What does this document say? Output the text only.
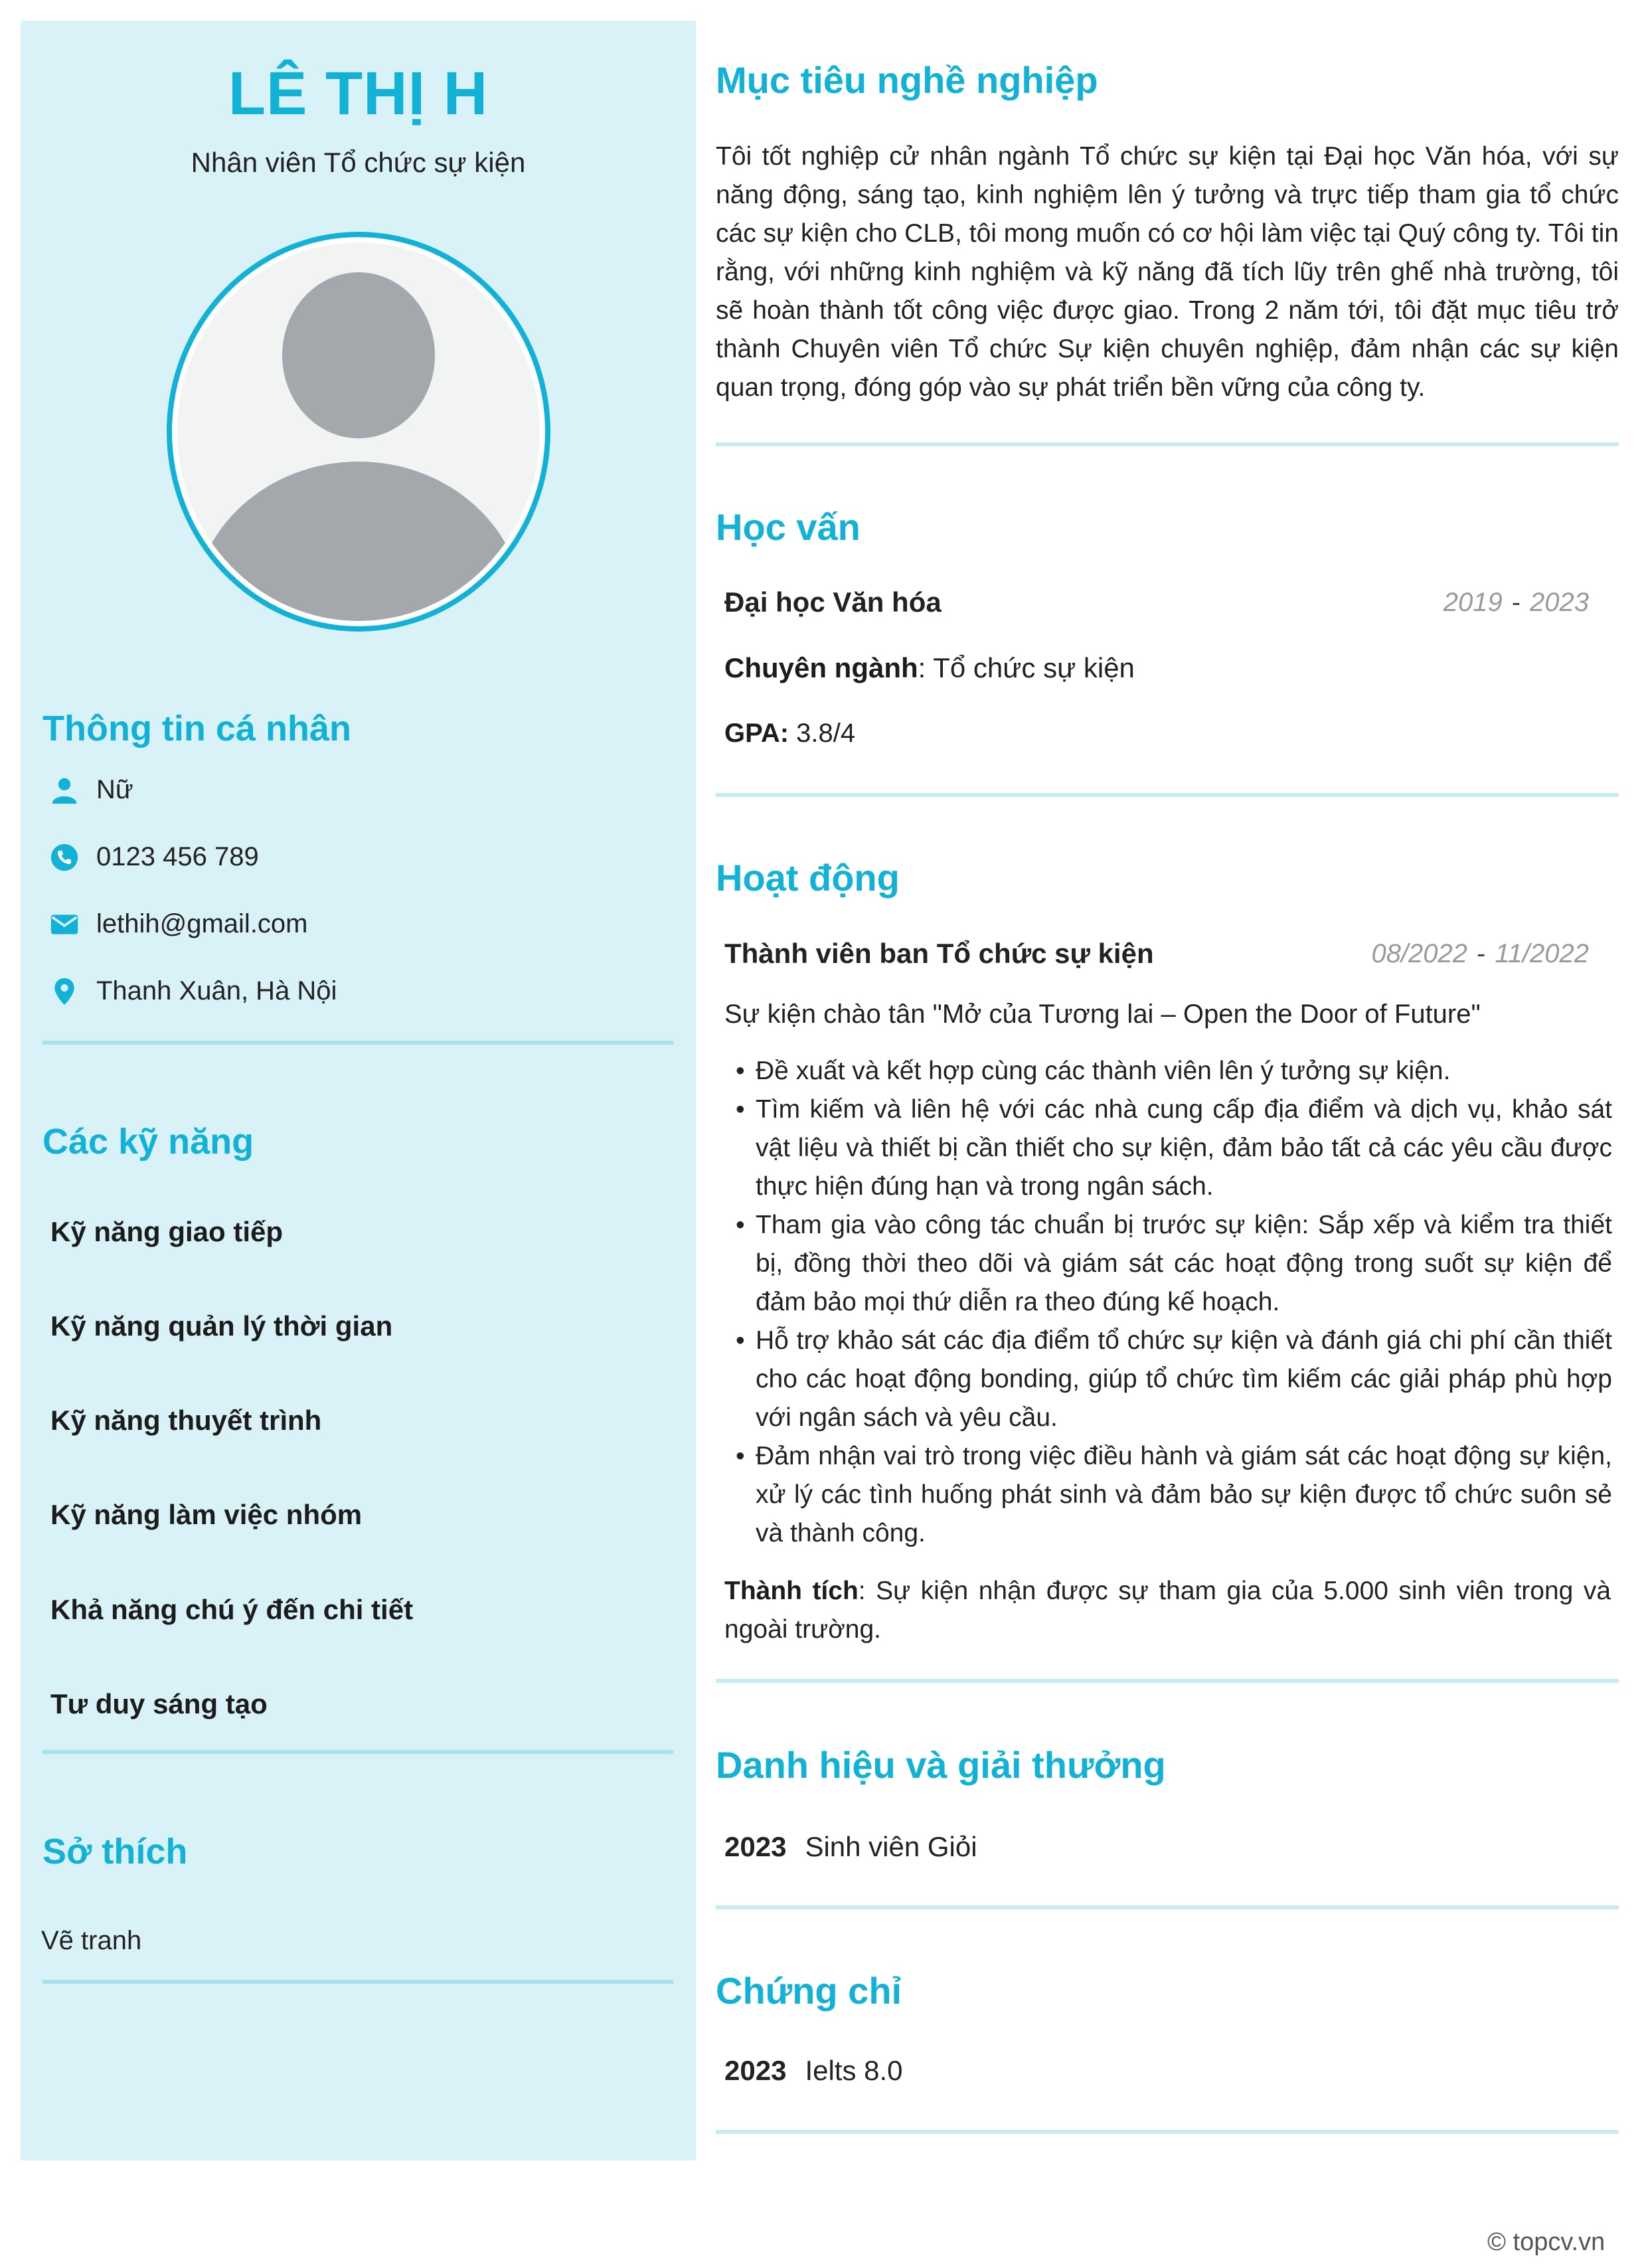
LÊ THỊ H
Nhân viên Tổ chức sự kiện
Thông tin cá nhân
Nữ
0123 456 789
lethih@gmail.com
Thanh Xuân, Hà Nội
Các kỹ năng
Kỹ năng giao tiếp
Kỹ năng quản lý thời gian
Kỹ năng thuyết trình
Kỹ năng làm việc nhóm
Khả năng chú ý đến chi tiết
Tư duy sáng tạo
Sở thích
Vẽ tranh
Mục tiêu nghề nghiệp
Tôi tốt nghiệp cử nhân ngành Tổ chức sự kiện tại Đại học Văn hóa, với sự năng động, sáng tạo, kinh nghiệm lên ý tưởng và trực tiếp tham gia tổ chức các sự kiện cho CLB, tôi mong muốn có cơ hội làm việc tại Quý công ty. Tôi tin rằng, với những kinh nghiệm và kỹ năng đã tích lũy trên ghế nhà trường, tôi sẽ hoàn thành tốt công việc được giao. Trong 2 năm tới, tôi đặt mục tiêu trở thành Chuyên viên Tổ chức Sự kiện chuyên nghiệp, đảm nhận các sự kiện quan trọng, đóng góp vào sự phát triển bền vững của công ty.
Học vấn
Đại học Văn hóa	2019 - 2023
Chuyên ngành: Tổ chức sự kiện
GPA: 3.8/4
Hoạt động
Thành viên ban Tổ chức sự kiện	08/2022 - 11/2022
Sự kiện chào tân "Mở của Tương lai – Open the Door of Future"
• Đề xuất và kết hợp cùng các thành viên lên ý tưởng sự kiện.
• Tìm kiếm và liên hệ với các nhà cung cấp địa điểm và dịch vụ, khảo sát vật liệu và thiết bị cần thiết cho sự kiện, đảm bảo tất cả các yêu cầu được thực hiện đúng hạn và trong ngân sách.
• Tham gia vào công tác chuẩn bị trước sự kiện: Sắp xếp và kiểm tra thiết bị, đồng thời theo dõi và giám sát các hoạt động trong suốt sự kiện để đảm bảo mọi thứ diễn ra theo đúng kế hoạch.
• Hỗ trợ khảo sát các địa điểm tổ chức sự kiện và đánh giá chi phí cần thiết cho các hoạt động bonding, giúp tổ chức tìm kiếm các giải pháp phù hợp với ngân sách và yêu cầu.
• Đảm nhận vai trò trong việc điều hành và giám sát các hoạt động sự kiện, xử lý các tình huống phát sinh và đảm bảo sự kiện được tổ chức suôn sẻ và thành công.
Thành tích: Sự kiện nhận được sự tham gia của 5.000 sinh viên trong và ngoài trường.
Danh hiệu và giải thưởng
2023 Sinh viên Giỏi
Chứng chỉ
2023 Ielts 8.0
© topcv.vn
